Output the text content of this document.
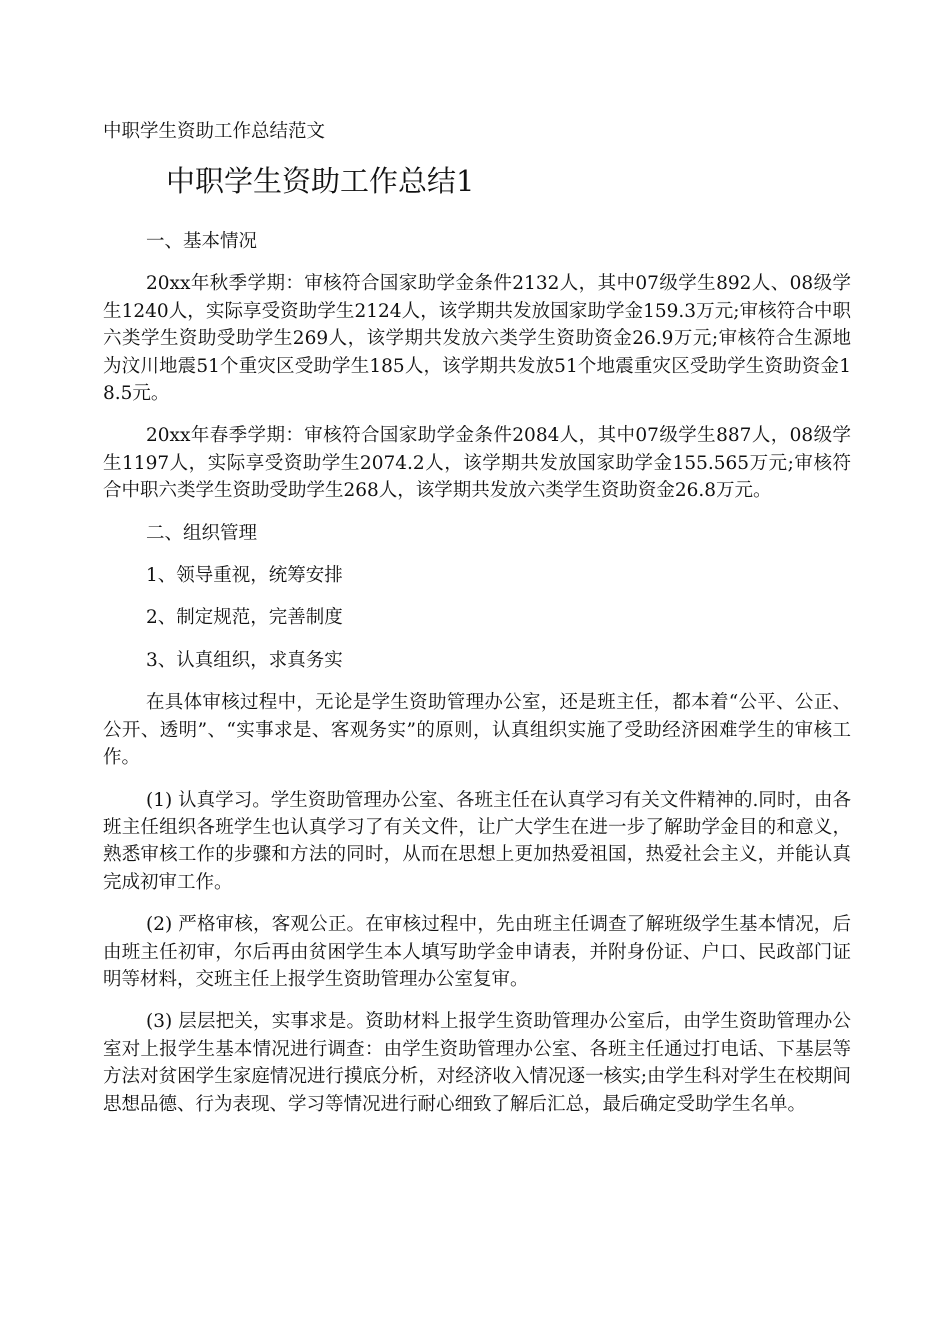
中职学生资助工作总结范文
中职学生资助工作总结1

一、基本情况

20xx年秋季学期：审核符合国家助学金条件2132人，其中07级学生892人、08级学生1240人，实际享受资助学生2124人，该学期共发放国家助学金159.3万元;审核符合中职六类学生资助受助学生269人，该学期共发放六类学生资助资金26.9万元;审核符合生源地为汶川地震51个重灾区受助学生185人，该学期共发放51个地震重灾区受助学生资助资金18.5元。

20xx年春季学期：审核符合国家助学金条件2084人，其中07级学生887人，08级学生1197人，实际享受资助学生2074.2人，该学期共发放国家助学金155.565万元;审核符合中职六类学生资助受助学生268人，该学期共发放六类学生资助资金26.8万元。

二、组织管理

1、领导重视，统筹安排

2、制定规范，完善制度

3、认真组织，求真务实

在具体审核过程中，无论是学生资助管理办公室，还是班主任，都本着“公平、公正、公开、透明”、“实事求是、客观务实”的原则，认真组织实施了受助经济困难学生的审核工作。

(1) 认真学习。学生资助管理办公室、各班主任在认真学习有关文件精神的.同时，由各班主任组织各班学生也认真学习了有关文件，让广大学生在进一步了解助学金目的和意义，熟悉审核工作的步骤和方法的同时，从而在思想上更加热爱祖国，热爱社会主义，并能认真完成初审工作。

(2) 严格审核，客观公正。在审核过程中，先由班主任调查了解班级学生基本情况，后由班主任初审，尔后再由贫困学生本人填写助学金申请表，并附身份证、户口、民政部门证明等材料，交班主任上报学生资助管理办公室复审。

(3) 层层把关，实事求是。资助材料上报学生资助管理办公室后，由学生资助管理办公室对上报学生基本情况进行调查：由学生资助管理办公室、各班主任通过打电话、下基层等方法对贫困学生家庭情况进行摸底分析，对经济收入情况逐一核实;由学生科对学生在校期间思想品德、行为表现、学习等情况进行耐心细致了解后汇总，最后确定受助学生名单。
